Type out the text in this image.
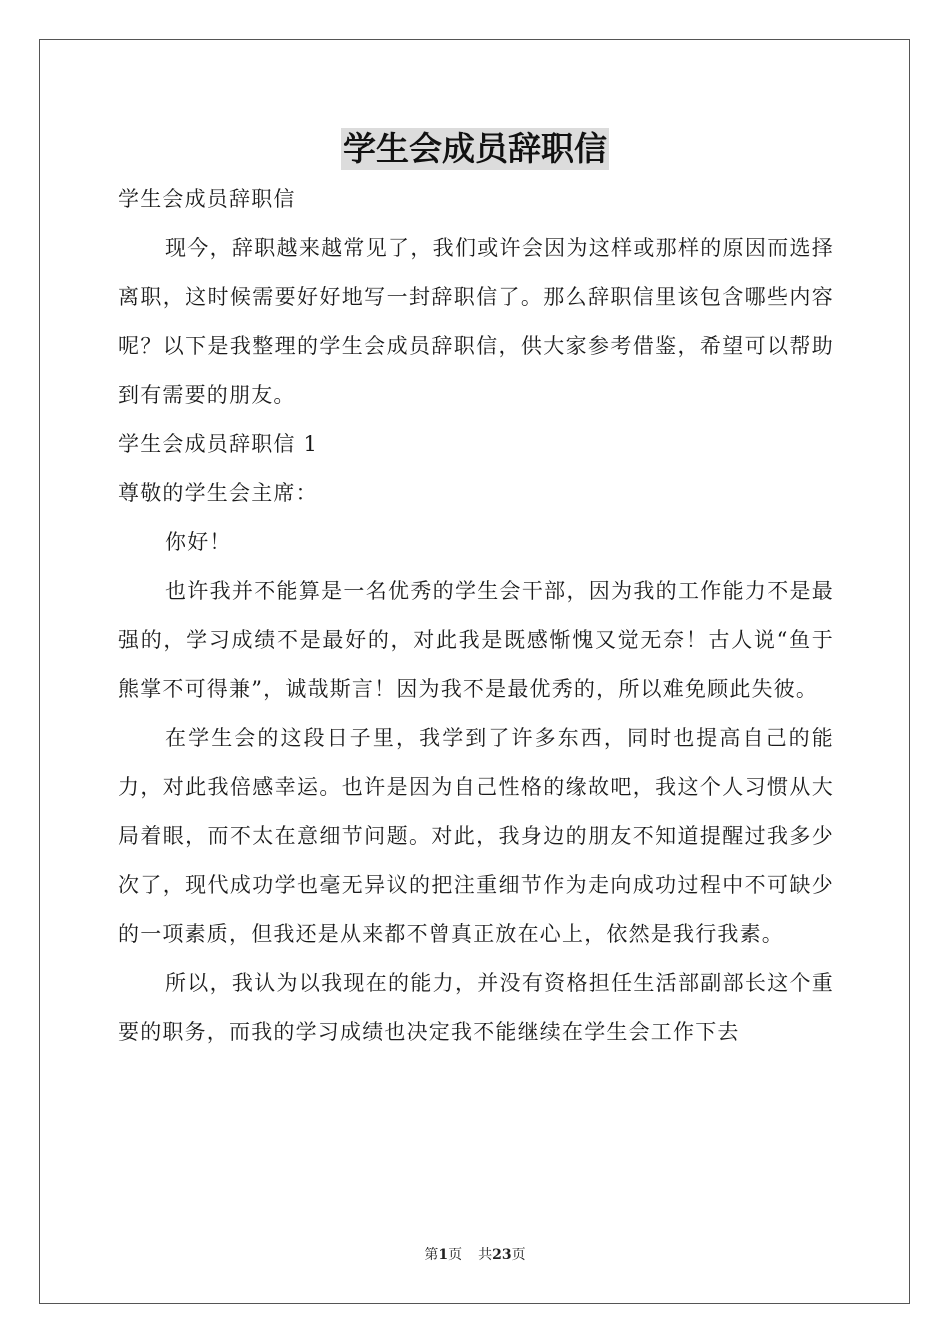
学生会成员辞职信

学生会成员辞职信

现今，辞职越来越常见了，我们或许会因为这样或那样的原因而选择离职，这时候需要好好地写一封辞职信了。那么辞职信里该包含哪些内容呢？以下是我整理的学生会成员辞职信，供大家参考借鉴，希望可以帮助到有需要的朋友。

学生会成员辞职信 1

尊敬的学生会主席：

你好！

也许我并不能算是一名优秀的学生会干部，因为我的工作能力不是最强的，学习成绩不是最好的，对此我是既感惭愧又觉无奈！古人说“鱼于熊掌不可得兼”，诚哉斯言！因为我不是最优秀的，所以难免顾此失彼。

在学生会的这段日子里，我学到了许多东西，同时也提高自己的能力，对此我倍感幸运。也许是因为自己性格的缘故吧，我这个人习惯从大局着眼，而不太在意细节问题。对此，我身边的朋友不知道提醒过我多少次了，现代成功学也毫无异议的把注重细节作为走向成功过程中不可缺少的一项素质，但我还是从来都不曾真正放在心上，依然是我行我素。

所以，我认为以我现在的能力，并没有资格担任生活部副部长这个重要的职务，而我的学习成绩也决定我不能继续在学生会工作下去

第1页 共23页
